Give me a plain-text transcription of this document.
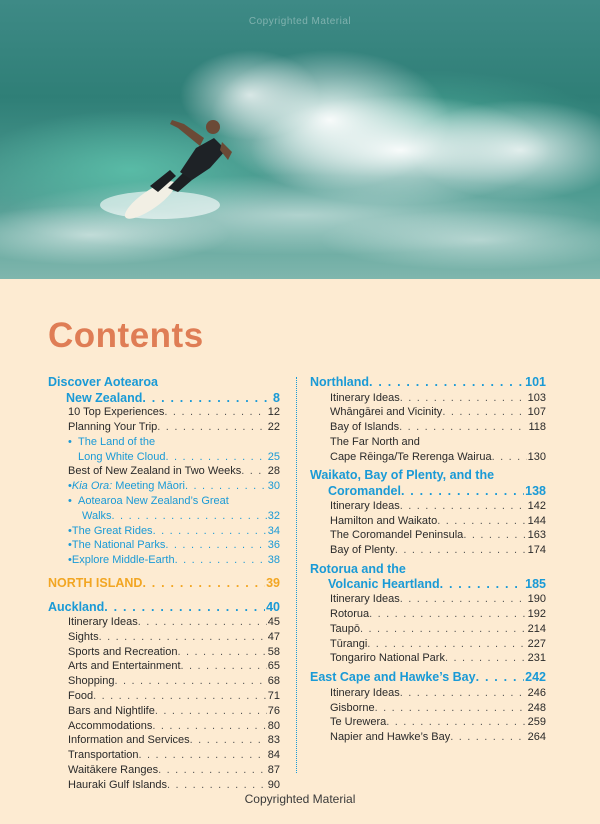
Copyrighted Material
Contents
Discover Aotearoa
New Zealand . . .	8
10 Top Experiences . . .	12
Planning Your Trip . . .	22
• The Land of the
Long White Cloud . . .	25
Best of New Zealand in Two Weeks . . . 28
• Kia Ora: Meeting Māori . . .	30
• Aotearoa New Zealand’s Great
Walks . . .	32
• The Great Rides . . .	34
• The National Parks . . .	36
• Explore Middle-Earth . . .	38
NORTH ISLAND . . .	39
Auckland . . .	40
Itinerary Ideas . . .	45
Sights . . .	47
Sports and Recreation . . .	58
Arts and Entertainment . . .	65
Shopping . . .	68
Food . . .	71
Bars and Nightlife . . .	76
Accommodations . . .	80
Information and Services . . .	83
Transportation . . .	84
Waitākere Ranges . . .	87
Hauraki Gulf Islands . . .	90
Northland . . .	101
Itinerary Ideas . . .	103
Whāngārei and Vicinity . . .	107
Bay of Islands . . .	118
The Far North and
Cape Rēinga/Te Rerenga Wairua . . .	130
Waikato, Bay of Plenty, and the
Coromandel . . .	138
Itinerary Ideas . . .	142
Hamilton and Waikato . . .	144
The Coromandel Peninsula . . .	163
Bay of Plenty . . .	174
Rotorua and the
Volcanic Heartland . . .	185
Itinerary Ideas . . .	190
Rotorua . . .	192
Taupō . . .	214
Tūrangi . . .	227
Tongariro National Park . . .	231
East Cape and Hawke’s Bay . . .	242
Itinerary Ideas . . .	246
Gisborne . . .	248
Te Urewera . . .	259
Napier and Hawke’s Bay . . .	264
Copyrighted Material
